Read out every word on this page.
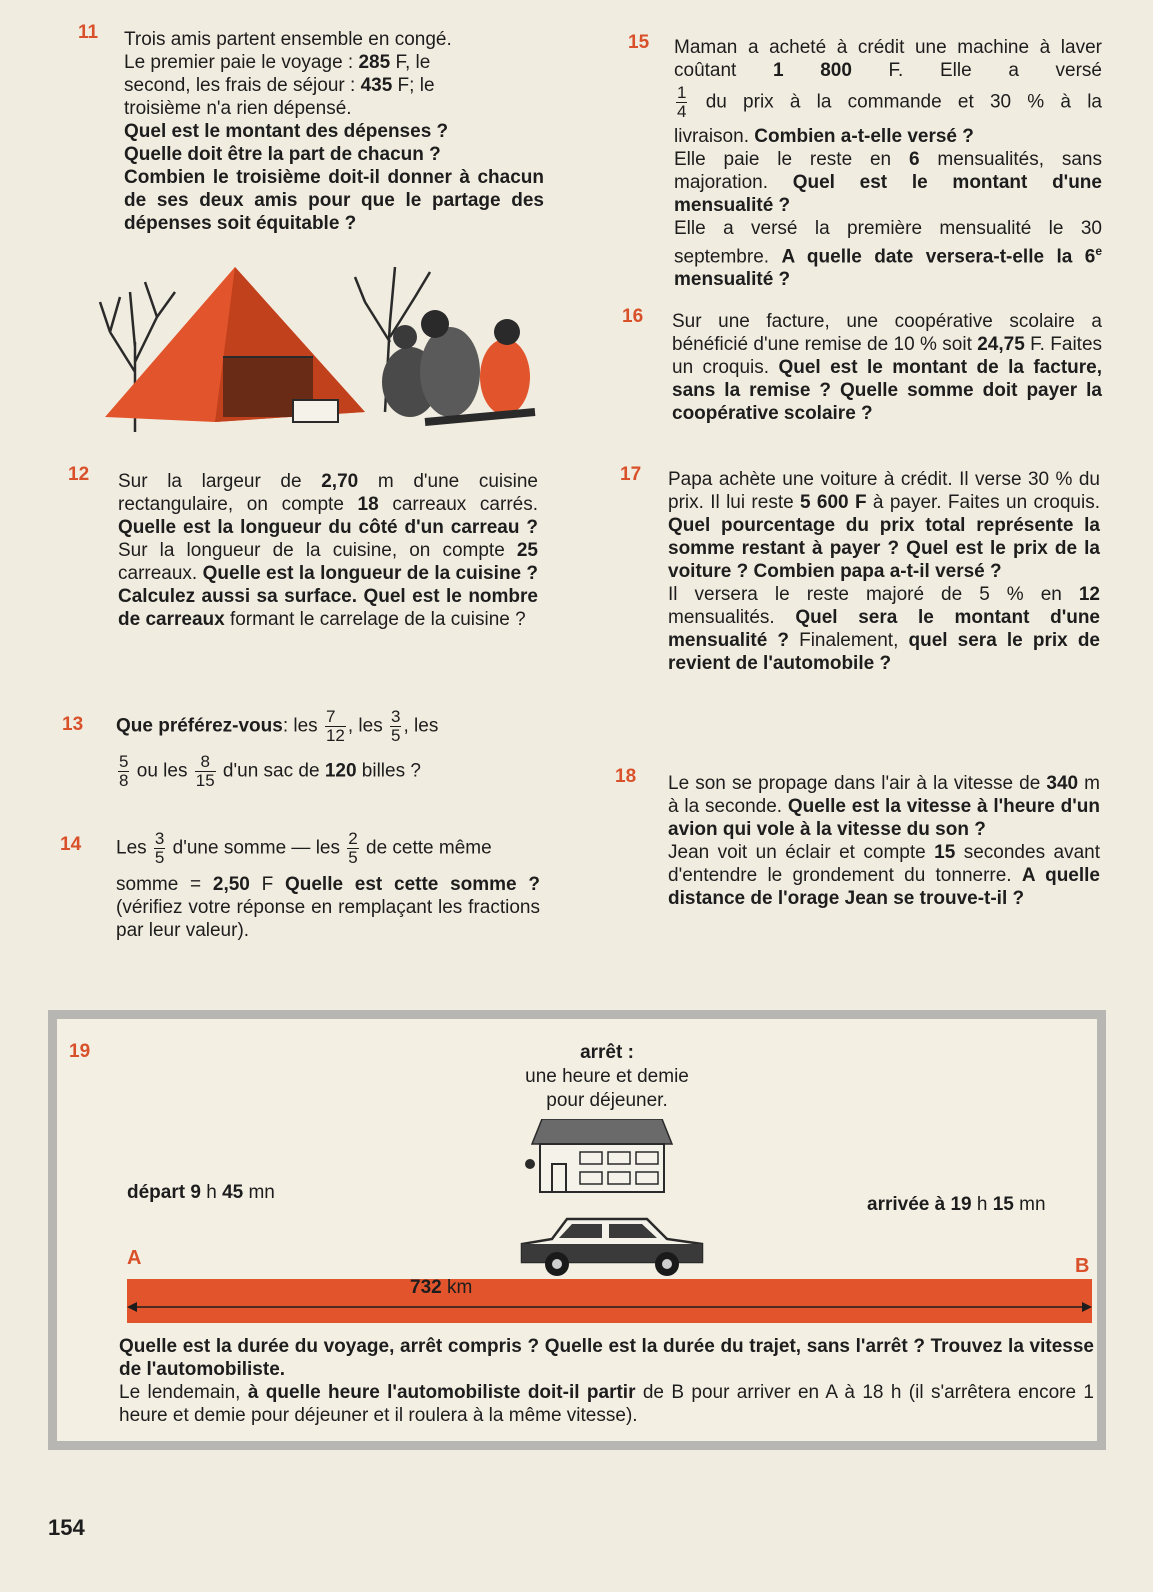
11 Trois amis partent ensemble en congé.

Le premier paie le voyage : 285 F, le

second, les frais de séjour : 435 F; le

troisième n'a rien dépensé.

Quel est le montant des dépenses ?

Quelle doit être la part de chacun ?

Combien le troisième doit-il donner à chacun de ses deux amis pour que le partage des dépenses soit équitable ?

12 Sur la largeur de 2,70 m d'une cuisine rectangulaire, on compte 18 carreaux carrés. Quelle est la longueur du côté d'un carreau ? Sur la longueur de la cuisine, on compte 25 carreaux. Quelle est la longueur de la cuisine ? Calculez aussi sa surface. Quel est le nombre de carreaux formant le carrelage de la cuisine ?

13 Que préférez-vous: les $\frac{7}{12}$ , les $\frac{3}{5}$ , les

$\frac{5}{8}$ ou les $\frac{8}{15} d'un$ sac de 120 billes ?

14 Les $\frac{3}{5} d'une$ somme — les $\frac{2}{5}$ de cette même

somme = 2,50 F Quelle est cette somme ? (vérifiez votre réponse en remplaçant les fractions par leur valeur).

15 Maman a acheté à crédit une machine à laver coûtant 1 800 F. Elle a versé

$\frac{1}{4}$ du prix à la commande et 30 % à la

livraison. Combien a-t-elle versé ?

Elle paie le reste en 6 mensualités, sans majoration. Quel est le montant d'une mensualité ?

Elle a versé la première mensualité le 30 septembre. A quelle date versera-t-elle la 6e mensualité ?

16 Sur une facture, une coopérative scolaire a bénéficié d'une remise de 10 % soit 24,75 F. Faites un croquis. Quel est le montant de la facture, sans la remise ? Quelle somme doit payer la coopérative scolaire ?

17 Papa achète une voiture à crédit. Il verse 30 % du prix. Il lui reste 5 600 F à payer. Faites un croquis. Quel pourcentage du prix total représente la somme restant à payer ? Quel est le prix de la voiture ? Combien papa a-t-il versé ?

Il versera le reste majoré de 5 % en 12 mensualités. Quel sera le montant d'une mensualité ? Finalement, quel sera le prix de revient de l'automobile ?

18 Le son se propage dans l'air à la vitesse de 340 m à la seconde. Quelle est la vitesse à l'heure d'un avion qui vole à la vitesse du son ?

Jean voit un éclair et compte 15 secondes avant d'entendre le grondement du tonnerre. A quelle distance de l'orage Jean se trouve-t-il ?

19	arrêt :
une heure et demie
pour déjeuner.
départ 9 h 45 mn
arrivée à 19 h 15 mn
A	B
732 km

Quelle est la durée du voyage, arrêt compris ? Quelle est la durée du trajet, sans l'arrêt ? Trouvez la vitesse de l'automobiliste.

Le lendemain, à quelle heure l'automobiliste doit-il partir de B pour arriver en A à 18 h (il s'arrêtera encore 1 heure et demie pour déjeuner et il roulera à la même vitesse).

154
